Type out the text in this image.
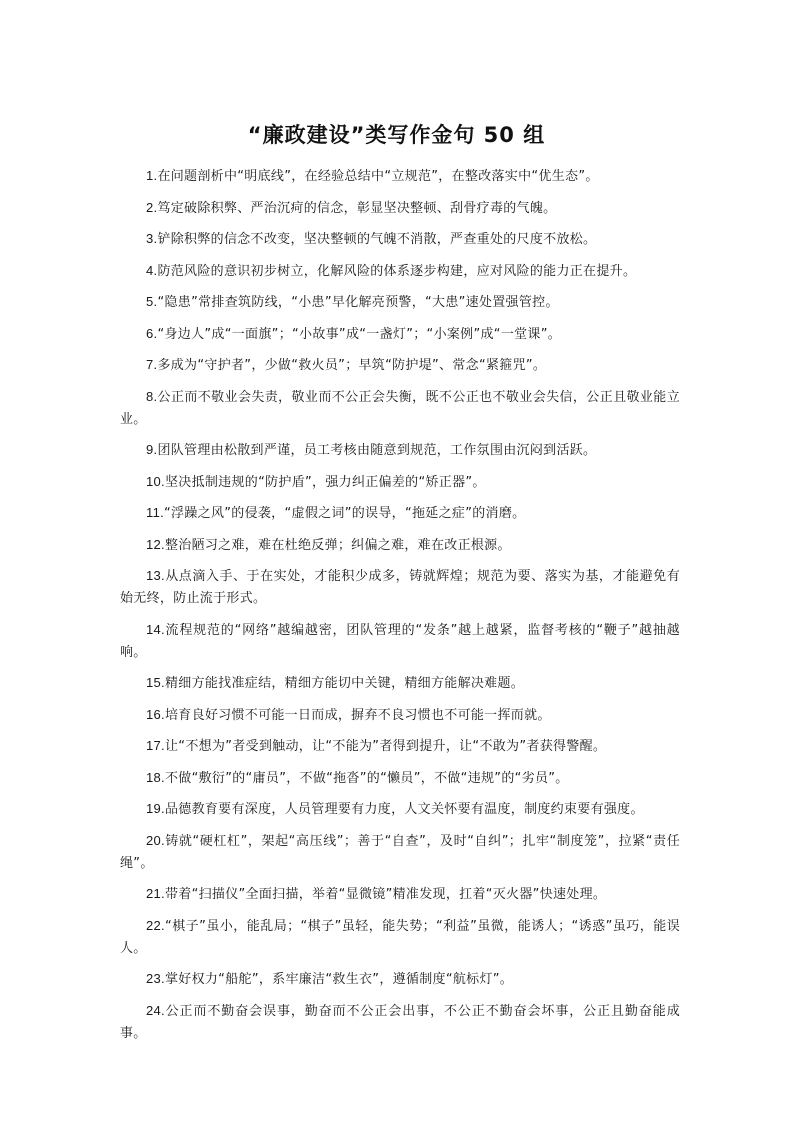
“廉政建设”类写作金句 50 组

1.在问题剖析中“明底线”，在经验总结中“立规范”，在整改落实中“优生态”。

2.笃定破除积弊、严治沉疴的信念，彰显坚决整顿、刮骨疗毒的气魄。

3.铲除积弊的信念不改变，坚决整顿的气魄不消散，严查重处的尺度不放松。

4.防范风险的意识初步树立，化解风险的体系逐步构建，应对风险的能力正在提升。

5.“隐患”常排查筑防线，“小患”早化解亮预警，“大患”速处置强管控。

6.“身边人”成“一面旗”；“小故事”成“一盏灯”；“小案例”成“一堂课”。

7.多成为“守护者”，少做“救火员”；早筑“防护堤”、常念“紧箍咒”。

8.公正而不敬业会失责，敬业而不公正会失衡，既不公正也不敬业会失信，公正且敬业能立业。

9.团队管理由松散到严谨，员工考核由随意到规范，工作氛围由沉闷到活跃。

10.坚决抵制违规的“防护盾”，强力纠正偏差的“矫正器”。

11.“浮躁之风”的侵袭，“虚假之词”的误导，“拖延之症”的消磨。

12.整治陋习之难，难在杜绝反弹；纠偏之难，难在改正根源。

13.从点滴入手、于在实处，才能积少成多，铸就辉煌；规范为要、落实为基，才能避免有始无终，防止流于形式。

14.流程规范的“网络”越编越密，团队管理的“发条”越上越紧，监督考核的“鞭子”越抽越响。

15.精细方能找准症结，精细方能切中关键，精细方能解决难题。

16.培育良好习惯不可能一日而成，摒弃不良习惯也不可能一挥而就。

17.让“不想为”者受到触动，让“不能为”者得到提升，让“不敢为”者获得警醒。

18.不做“敷衍”的“庸员”，不做“拖沓”的“懒员”，不做“违规”的“劣员”。

19.品德教育要有深度，人员管理要有力度，人文关怀要有温度，制度约束要有强度。

20.铸就“硬杠杠”，架起“高压线”；善于“自查”，及时“自纠”；扎牢“制度笼”，拉紧“责任绳”。

21.带着“扫描仪”全面扫描，举着“显微镜”精准发现，扛着“灭火器”快速处理。

22.“棋子”虽小，能乱局；“棋子”虽轻，能失势；“利益”虽微，能诱人；“诱惑”虽巧，能误人。

23.掌好权力“船舵”，系牢廉洁“救生衣”，遵循制度“航标灯”。

24.公正而不勤奋会误事，勤奋而不公正会出事，不公正不勤奋会坏事，公正且勤奋能成事。
